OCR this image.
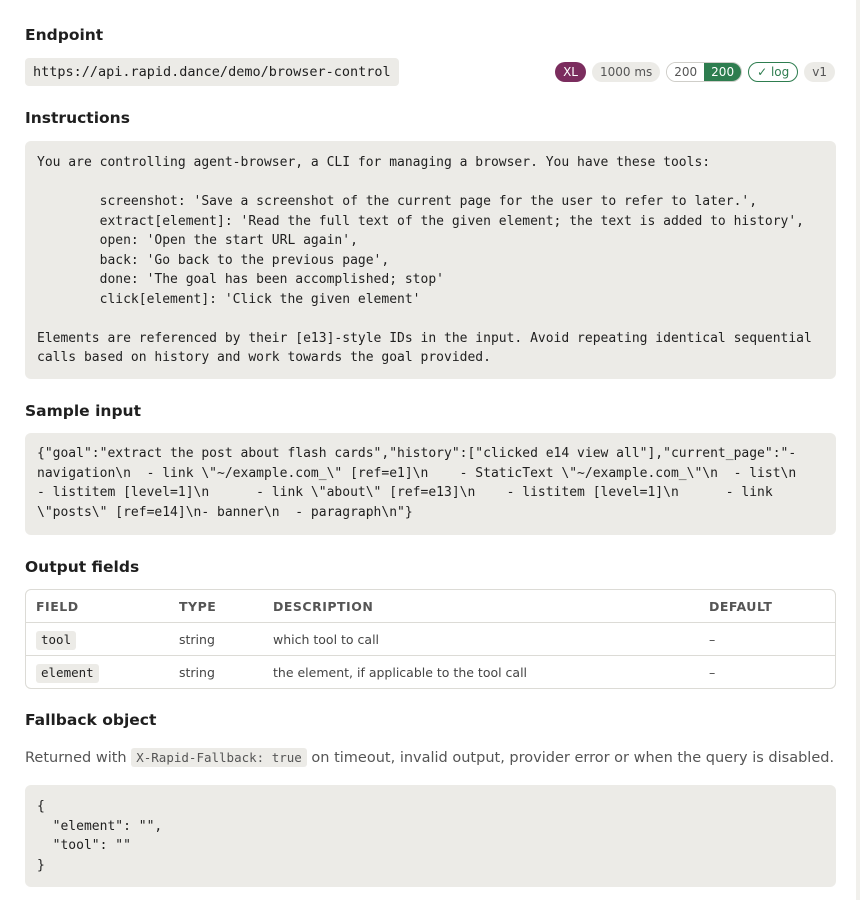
Endpoint
https://api.rapid.dance/demo/browser-control	XL	1000 ms	200	200	✓ log	v1
Instructions
You are controlling agent-browser, a CLI for managing a browser. You have these tools:

screenshot: 'Save a screenshot of the current page for the user to refer to later.',
extract[element]: 'Read the full text of the given element; the text is added to history',
open: 'Open the start URL again',
back: 'Go back to the previous page',
done: 'The goal has been accomplished; stop'
click[element]: 'Click the given element'

Elements are referenced by their [e13]-style IDs in the input. Avoid repeating identical sequential
calls based on history and work towards the goal provided.
Sample input
{"goal":"extract the post about flash cards","history":["clicked e14 view all"],"current_page":"-
navigation\n  - link \"~/example.com_\" [ref=e1]\n    - StaticText \"~/example.com_\"\n  - list\n
- listitem [level=1]\n      - link \"about\" [ref=e13]\n    - listitem [level=1]\n      - link
\"posts\" [ref=e14]\n- banner\n  - paragraph\n"}
Output fields
FIELD	TYPE	DESCRIPTION	DEFAULT
tool	string	which tool to call	–
element	string	the element, if applicable to the tool call	–
Fallback object
Returned with X-Rapid-Fallback: true on timeout, invalid output, provider error or when the query is disabled.
{
"element": "",
"tool": ""
}
